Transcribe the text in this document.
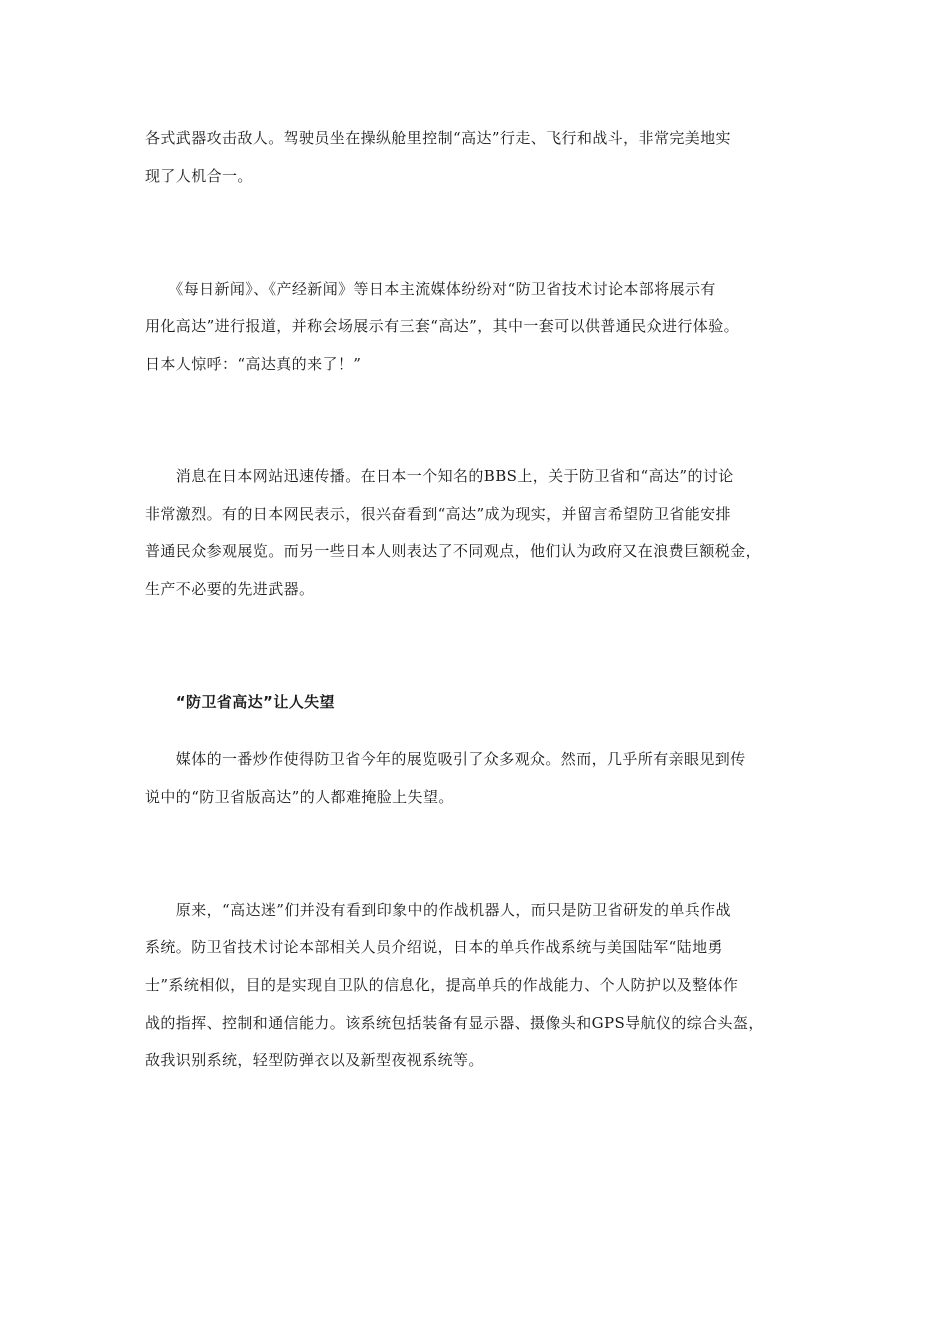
各式武器攻击敌人。驾驶员坐在操纵舱里控制“高达”行走、飞行和战斗，非常完美地实
现了人机合一。
　　《每日新闻》、《产经新闻》等日本主流媒体纷纷对“防卫省技术讨论本部将展示有
用化高达”进行报道，并称会场展示有三套“高达”，其中一套可以供普通民众进行体验。
日本人惊呼：“高达真的来了！”
　　消息在日本网站迅速传播。在日本一个知名的BBS上，关于防卫省和“高达”的讨论
非常激烈。有的日本网民表示，很兴奋看到“高达”成为现实，并留言希望防卫省能安排
普通民众参观展览。而另一些日本人则表达了不同观点，他们认为政府又在浪费巨额税金，
生产不必要的先进武器。
　　“防卫省高达”让人失望
　　媒体的一番炒作使得防卫省今年的展览吸引了众多观众。然而，几乎所有亲眼见到传
说中的“防卫省版高达”的人都难掩脸上失望。
　　原来，“高达迷”们并没有看到印象中的作战机器人，而只是防卫省研发的单兵作战
系统。防卫省技术讨论本部相关人员介绍说，日本的单兵作战系统与美国陆军“陆地勇
士”系统相似，目的是实现自卫队的信息化，提高单兵的作战能力、个人防护以及整体作
战的指挥、控制和通信能力。该系统包括装备有显示器、摄像头和GPS导航仪的综合头盔，
敌我识别系统，轻型防弹衣以及新型夜视系统等。
